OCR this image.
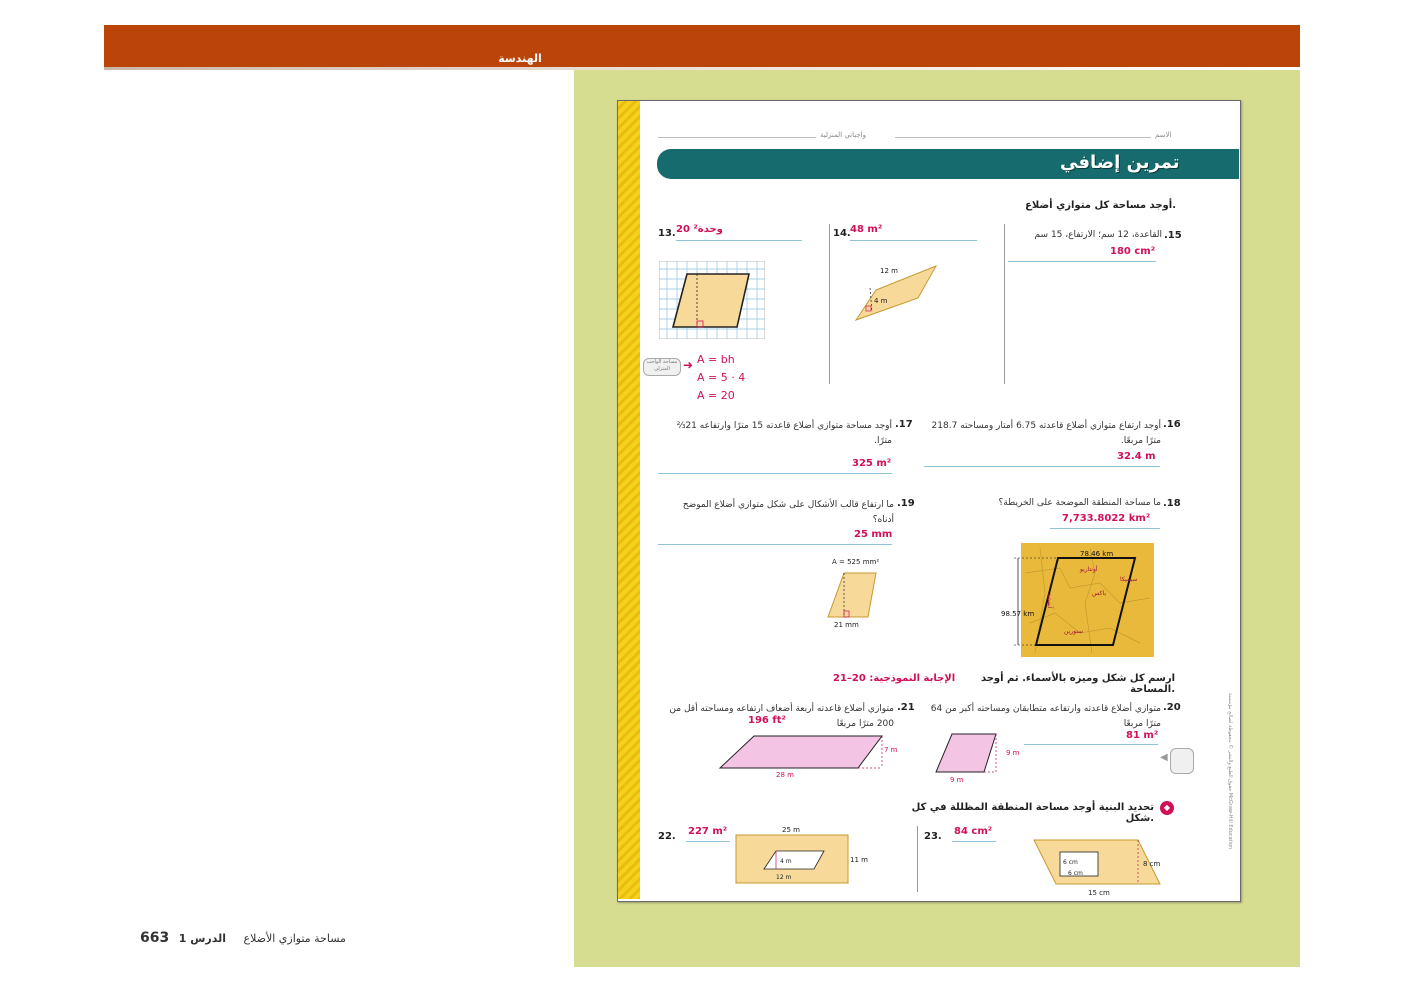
الهندسة
الاسم
واجباتي المنزلية
تمرين إضافي
أوجد مساحة كل متوازي أضلاع.
13. 20 وحدة²
مساحة الواجب المنزلي	➜ A = bh
A = 5 · 4
A = 20
14. 48 m²
12 m
4 m
.15
القاعدة، 12 سم؛ الارتفاع، 15 سم
180 cm²
.16
أوجد ارتفاع متوازي أضلاع قاعدته 6.75 أمتار ومساحته 218.7 مترًا مربعًا.
32.4 m
.17
أوجد مساحة متوازي أضلاع قاعدته 15 مترًا وارتفاعه 21⅔ مترًا.
325 m²
.18
ما مساحة المنطقة الموضحة على الخريطة؟
7,733.8022 km²
78.46 km
98.57 km
أونتاريو
سيميكا
باكس
ستورين
آبستيد
.19
ما ارتفاع قالب الأشكال على شكل متوازي أضلاع الموضح أدناه؟
25 mm
A = 525 mm²
21 mm
ارسم كل شكل وميزه بالأسماء. ثم أوجد المساحة.
الإجابة النموذجية: 20–21
.20
متوازي أضلاع قاعدته وارتفاعه متطابقان ومساحته أكبر من 64 مترًا مربعًا
81 m²
9 m
9 m
◀
.21
متوازي أضلاع قاعدته أربعة أضعاف ارتفاعه ومساحته أقل من 200 مترًا مربعًا
196 ft²
7 m
28 m
◆
تحديد البنية أوجد مساحة المنطقة المظللة في كل شكل.
22. 227 m²	25 m
4 m
12 m
11 m
23. 84 cm²
6 cm
6 cm
8 cm
15 cm
حقوق الطبع والنشر © محفوظة لصالح مؤسسة McGraw-Hill Education
663	مساحة متوازي الأضلاع الدرس 1
